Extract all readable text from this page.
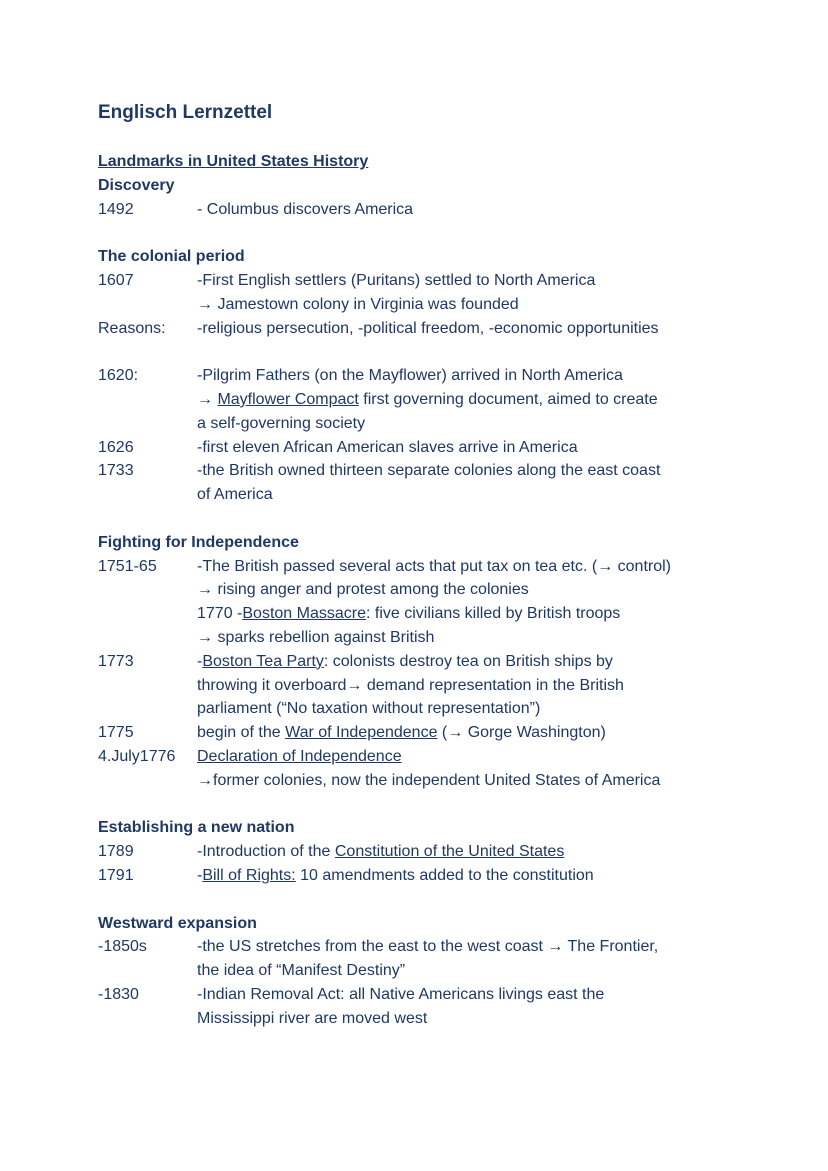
Englisch Lernzettel
Landmarks in United States History
Discovery
1492	- Columbus discovers America
The colonial period
1607	-First English settlers (Puritans) settled to North America
→ Jamestown colony in Virginia was founded
Reasons: -religious persecution, -political freedom, -economic opportunities
1620:	-Pilgrim Fathers (on the Mayflower) arrived in North America
→ Mayflower Compact first governing document, aimed to create
a self-governing society
1626	-first eleven African American slaves arrive in America
1733	-the British owned thirteen separate colonies along the east coast
of America
Fighting for Independence
1751-65	-The British passed several acts that put tax on tea etc. (→ control)
→ rising anger and protest among the colonies
1770 -Boston Massacre: five civilians killed by British troops
→ sparks rebellion against British
1773	-Boston Tea Party: colonists destroy tea on British ships by
throwing it overboard→ demand representation in the British
parliament (“No taxation without representation”)
1775	begin of the War of Independence (→ Gorge Washington)
4.July1776 Declaration of Independence
→former colonies, now the independent United States of America
Establishing a new nation
1789	-Introduction of the Constitution of the United States
1791	-Bill of Rights: 10 amendments added to the constitution
Westward expansion
-1850s	-the US stretches from the east to the west coast → The Frontier,
the idea of “Manifest Destiny”
-1830	-Indian Removal Act: all Native Americans livings east the
Mississippi river are moved west
